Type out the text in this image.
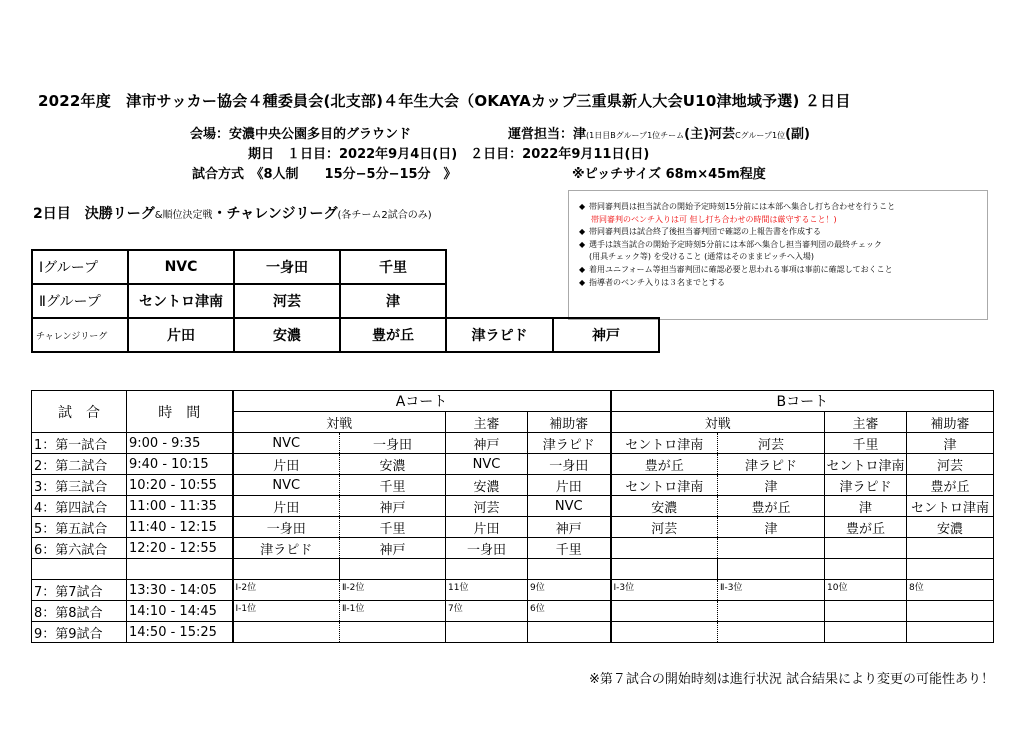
2022年度　津市サッカー協会４種委員会(北支部)４年生大会（OKAYAカップ三重県新人大会U10津地域予選) ２日目
会場：安濃中央公園多目的グラウンド	運営担当：津(1日目Bグループ1位チーム(主)河芸Cグループ1位(副)
期日　１日目：2022年9月4日(日)　２日目：2022年9月11日(日)
試合方式　《8人制　　15分−5分−15分　》	※ピッチサイズ 68m×45m程度
2日目　決勝リーグ&順位決定戦・チャレンジリーグ(各チーム2試合のみ)
◆ 帯同審判員は担当試合の開始予定時刻15分前には本部へ集合し打ち合わせを行うこと
帯同審判のベンチ入りは可 但し打ち合わせの時間は厳守すること！)
◆ 帯同審判員は試合終了後担当審判団で確認の上報告書を作成する
◆ 選手は該当試合の開始予定時刻5分前には本部へ集合し担当審判団の最終チェック
(用具チェック等) を受けること (通常はそのままピッチへ入場)
◆ 着用ユニフォーム等担当審判団に確認必要と思われる事項は事前に確認しておくこと
◆ 指導者のベンチ入りは３名までとする
Ⅰグループ	NVC	一身田	千里		
Ⅱグループ	セントロ津南	河芸	津		
チャレンジリーグ	片田	安濃	豊が丘	津ラピド	神戸
試　合	時　間	Aコート				Bコート			
		対戦		主審	補助審	対戦		主審	補助審
1：第一試合	9:00 - 9:35	NVC	一身田	神戸	津ラピド	セントロ津南	河芸	千里	津
2：第二試合	9:40 - 10:15	片田	安濃	NVC	一身田	豊が丘	津ラピド	セントロ津南	河芸
3：第三試合	10:20 - 10:55	NVC	千里	安濃	片田	セントロ津南	津	津ラピド	豊が丘
4：第四試合	11:00 - 11:35	片田	神戸	河芸	NVC	安濃	豊が丘	津	セントロ津南
5：第五試合	11:40 - 12:15	一身田	千里	片田	神戸	河芸	津	豊が丘	安濃
6：第六試合	12:20 - 12:55	津ラピド	神戸	一身田	千里				

7：第7試合	13:30 - 14:05	Ⅰ-2位	Ⅱ-2位	11位	9位	Ⅰ-3位	Ⅱ-3位	10位	8位
8：第8試合	14:10 - 14:45	Ⅰ-1位	Ⅱ-1位	7位	6位				
9：第9試合	14:50 - 15:25								
※第７試合の開始時刻は進行状況 試合結果により変更の可能性あり！
